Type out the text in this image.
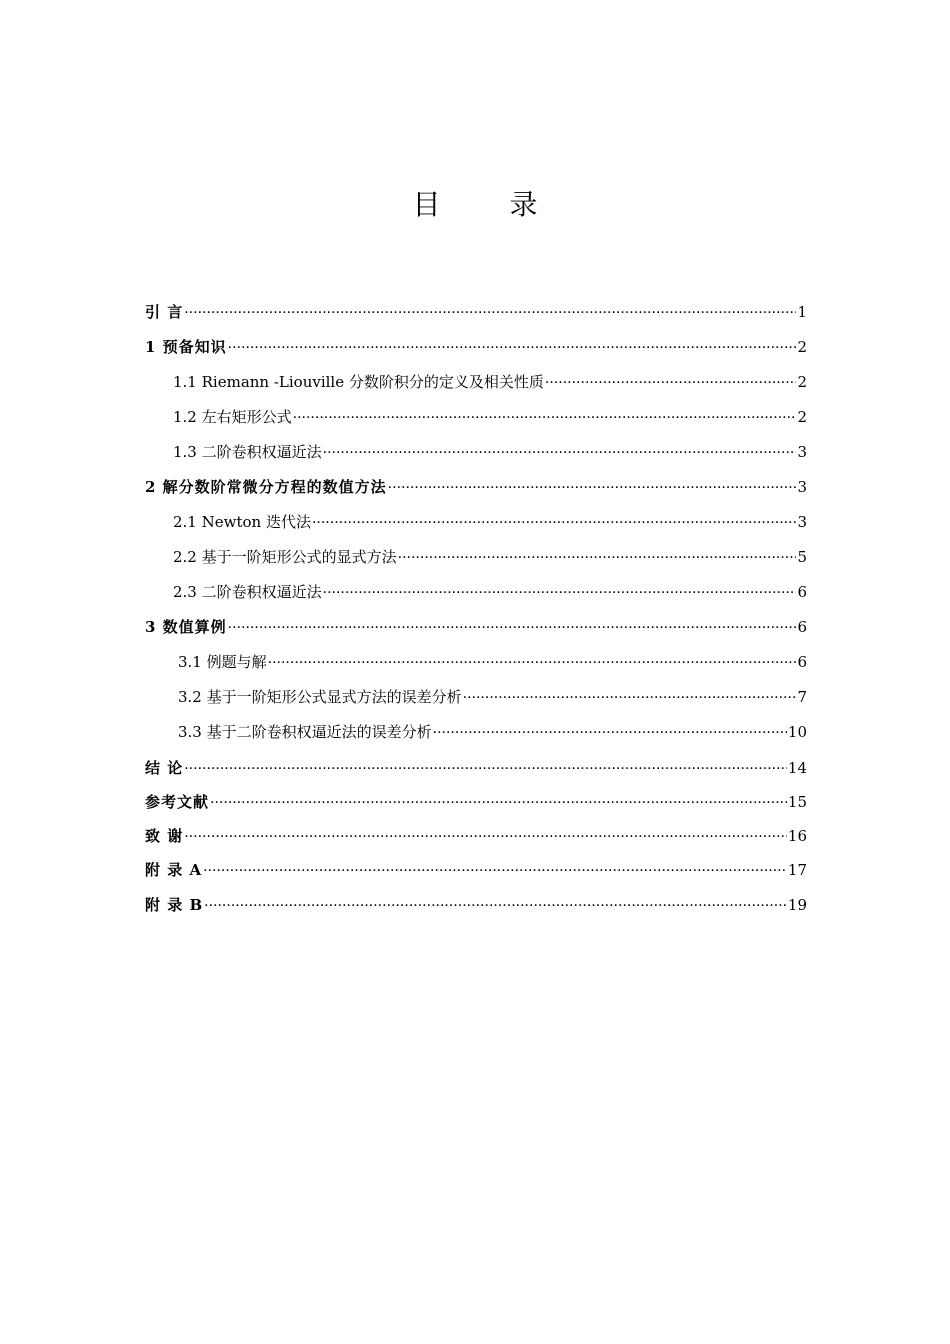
目 录
引 言 ·····	1
1 预备知识 ·····	2
1.1 Riemann -Liouville 分数阶积分的定义及相关性质 ·····	2
1.2 左右矩形公式 ·····	2
1.3 二阶卷积权逼近法 ·····	3
2 解分数阶常微分方程的数值方法 ·····	3
2.1 Newton 迭代法 ·····	3
2.2 基于一阶矩形公式的显式方法 ·····	5
2.3 二阶卷积权逼近法 ·····	6
3 数值算例 ·····	6
3.1 例题与解 ·····	6
3.2 基于一阶矩形公式显式方法的误差分析 ·····	7
3.3 基于二阶卷积权逼近法的误差分析 ·····	10
结 论 ·····	14
参考文献 ·····	15
致 谢 ·····	16
附 录 A ·····	17
附 录 B ·····	19
